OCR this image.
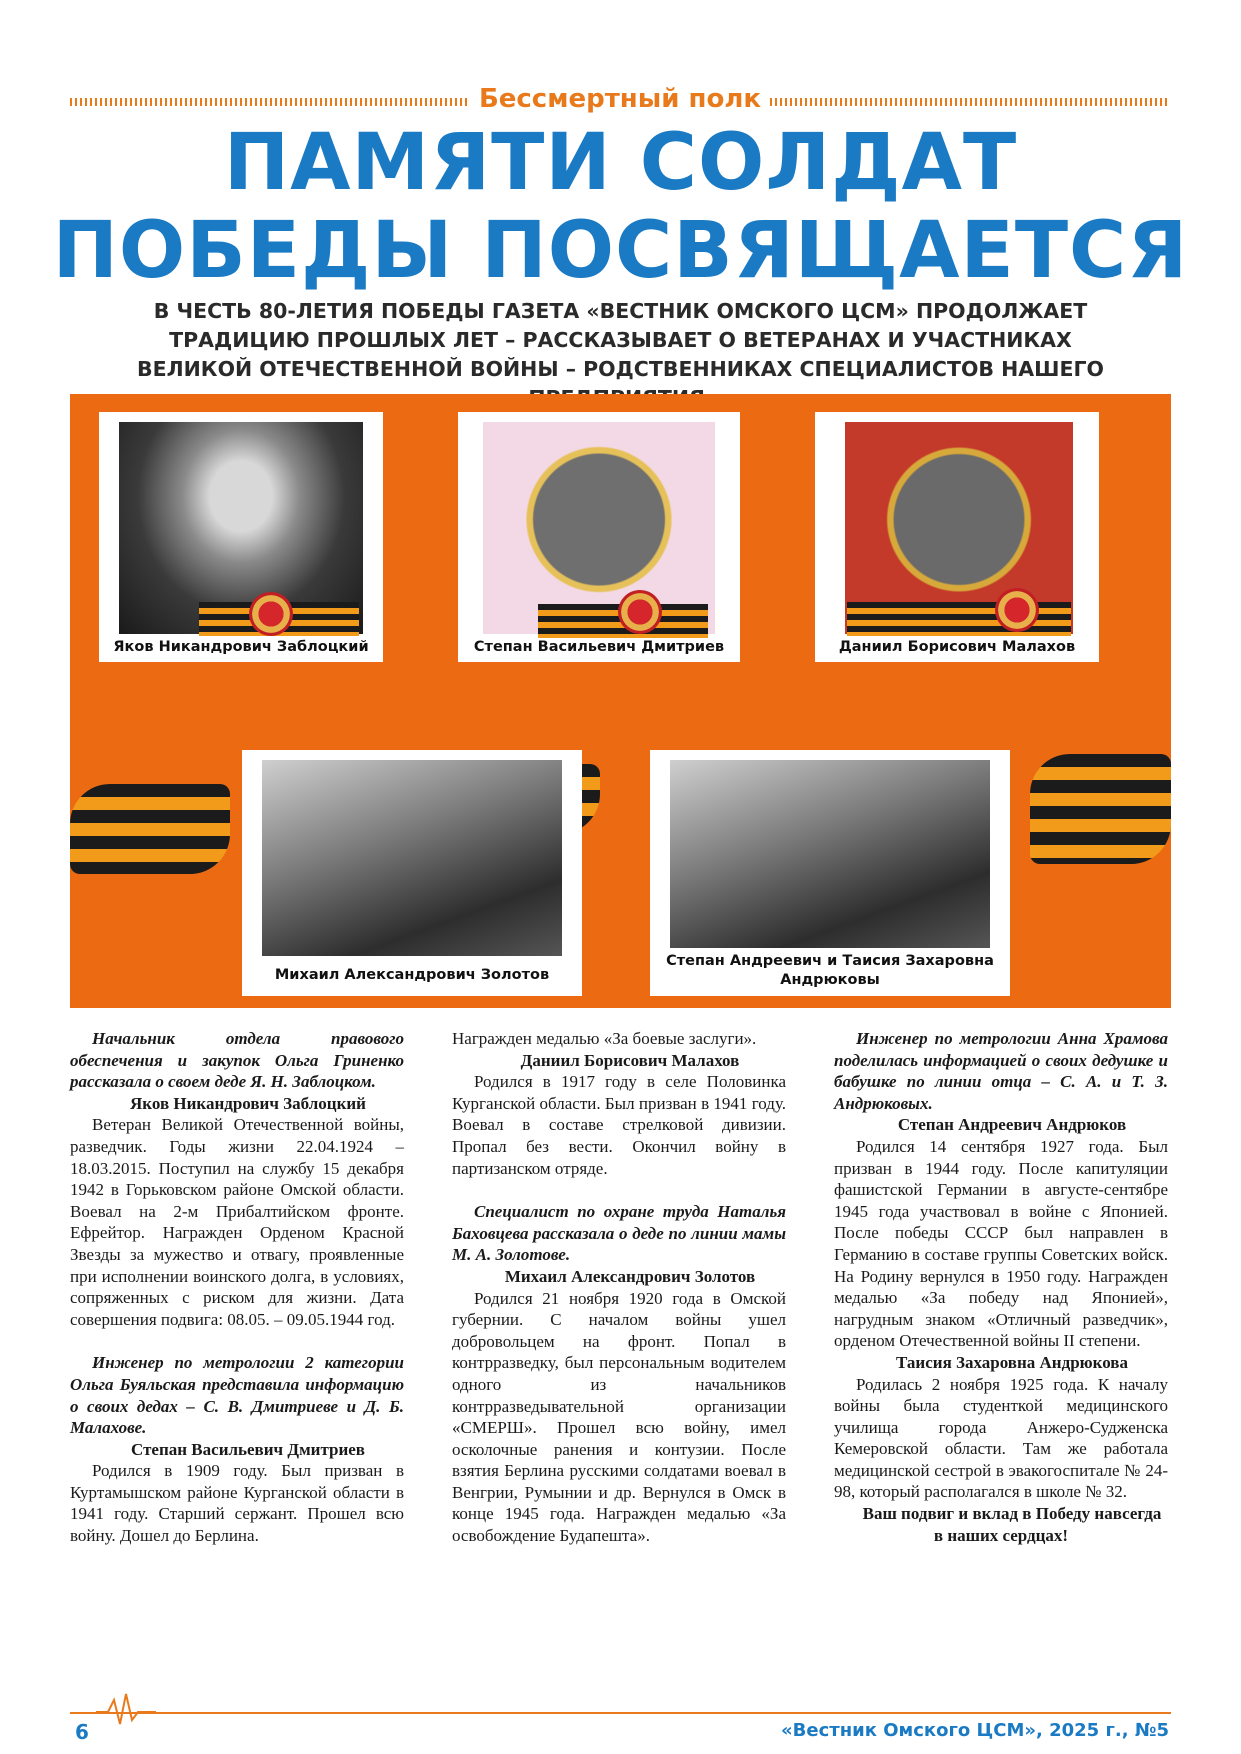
Бессмертный полк
ПАМЯТИ СОЛДАТ
ПОБЕДЫ ПОСВЯЩАЕТСЯ
В ЧЕСТЬ 80-ЛЕТИЯ ПОБЕДЫ ГАЗЕТА «ВЕСТНИК ОМСКОГО ЦСМ» ПРОДОЛЖАЕТ ТРАДИЦИЮ ПРОШЛЫХ ЛЕТ – РАССКАЗЫВАЕТ О ВЕТЕРАНАХ И УЧАСТНИКАХ ВЕЛИКОЙ ОТЕЧЕСТВЕННОЙ ВОЙНЫ – РОДСТВЕННИКАХ СПЕЦИАЛИСТОВ НАШЕГО
Яков Никандрович Заблоцкий	Степан Васильевич Дмитриев	Даниил Борисович Малахов
Михаил Александрович Золотов
Степан Андреевич и Таисия Захаровна Андрюковы

Начальник отдела правового обеспечения и закупок Ольга Гриненко рассказала о своем деде Я. Н. Заблоцком.

Яков Никандрович Заблоцкий

Ветеран Великой Отечественной войны, разведчик. Годы жизни 22.04.1924 – 18.03.2015. Поступил на службу 15 декабря 1942 в Горьковском районе Омской области. Воевал на 2-м Прибалтийском фронте. Ефрейтор. Награжден Орденом Красной Звезды за мужество и отвагу, проявленные при исполнении воинского долга, в условиях, сопряженных с риском для жизни. Дата совершения подвига: 08.05. – 09.05.1944 год.

Инженер по метрологии 2 категории Ольга Буяльская представила информацию о своих дедах – С. В. Дмитриеве и Д. Б. Малахове.

Степан Васильевич Дмитриев

Родился в 1909 году. Был призван в Куртамышском районе Курганской области в 1941 году. Старший сержант. Прошел всю войну. Дошел до Берлина.

Награжден медалью «За боевые заслуги».

Даниил Борисович Малахов

Родился в 1917 году в селе Половинка Курганской области. Был призван в 1941 году. Воевал в составе стрелковой дивизии. Пропал без вести. Окончил войну в партизанском отряде.

Специалист по охране труда Наталья Баховцева рассказала о деде по линии мамы М. А. Золотове.

Михаил Александрович Золотов

Родился 21 ноября 1920 года в Омской губернии. С началом войны ушел добровольцем на фронт. Попал в контрразведку, был персональным водителем одного из начальников контрразведывательной организации «СМЕРШ». Прошел всю войну, имел осколочные ранения и контузии. После взятия Берлина русскими солдатами воевал в Венгрии, Румынии и др. Вернулся в Омск в конце 1945 года. Награжден медалью «За освобождение Будапешта».

Инженер по метрологии Анна Храмова поделилась информацией о своих дедушке и бабушке по линии отца – С. А. и Т. З. Андрюковых.

Степан Андреевич Андрюков

Родился 14 сентября 1927 года. Был призван в 1944 году. После капитуляции фашистской Германии в августе-сентябре 1945 года участвовал в войне с Японией. После победы СССР был направлен в Германию в составе группы Советских войск. На Родину вернулся в 1950 году. Награжден медалью «За победу над Японией», нагрудным знаком «Отличный разведчик», орденом Отечественной войны II степени.

Таисия Захаровна Андрюкова

Родилась 2 ноября 1925 года. К началу войны была студенткой медицинского училища города Анжеро-Судженска Кемеровской области. Там же работала медицинской сестрой в эвакогоспитале № 24-98, который располагался в школе № 32.

Ваш подвиг и вклад в Победу навсегда в наших сердцах!

6	«Вестник Омского ЦСМ», 2025 г., №5
